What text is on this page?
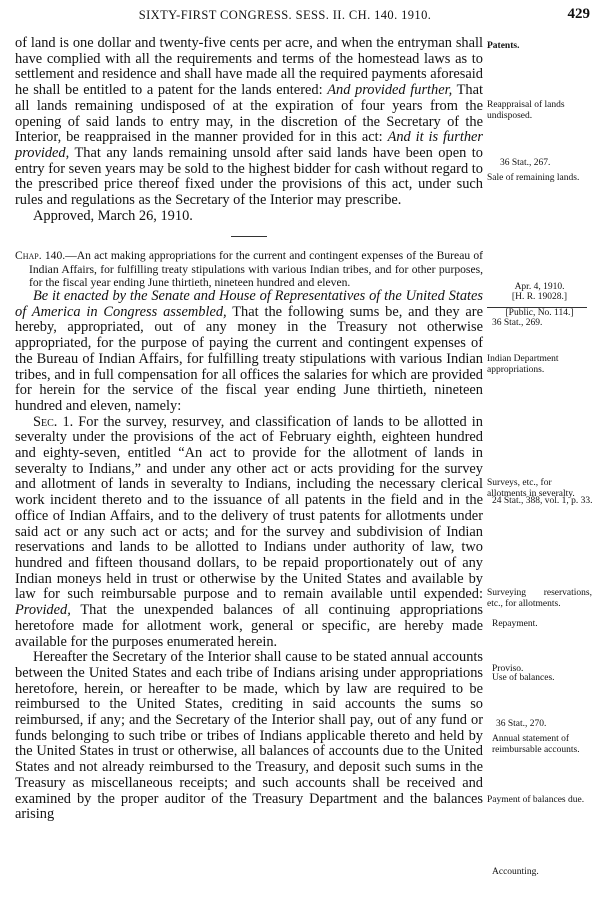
SIXTY-FIRST CONGRESS. SESS. II. CH. 140. 1910.	429

of land is one dollar and twenty-five cents per acre, and when the entryman shall have complied with all the requirements and terms of the homestead laws as to settlement and residence and shall have made all the required payments aforesaid he shall be entitled to a patent for the lands entered: And provided further, That all lands remaining undisposed of at the expiration of four years from the opening of said lands to entry may, in the discretion of the Secretary of the Interior, be reappraised in the manner provided for in this act: And it is further provided, That any lands remaining unsold after said lands have been open to entry for seven years may be sold to the highest bidder for cash without regard to the prescribed price thereof fixed under the provisions of this act, under such rules and regulations as the Secretary of the Interior may prescribe.

Approved, March 26, 1910.

Chap. 140.—An act making appropriations for the current and contingent expenses of the Bureau of Indian Affairs, for fulfilling treaty stipulations with various Indian tribes, and for other purposes, for the fiscal year ending June thirtieth, nineteen hundred and eleven.

Be it enacted by the Senate and House of Representatives of the United States of America in Congress assembled, That the following sums be, and they are hereby, appropriated, out of any money in the Treasury not otherwise appropriated, for the purpose of paying the current and contingent expenses of the Bureau of Indian Affairs, for fulfilling treaty stipulations with various Indian tribes, and in full compensation for all offices the salaries for which are provided for herein for the service of the fiscal year ending June thirtieth, nineteen hundred and eleven, namely:

Sec. 1. For the survey, resurvey, and classification of lands to be allotted in severalty under the provisions of the act of February eighth, eighteen hundred and eighty-seven, entitled “An act to provide for the allotment of lands in severalty to Indians,” and under any other act or acts providing for the survey and allotment of lands in severalty to Indians, including the necessary clerical work incident thereto and to the issuance of all patents in the field and in the office of Indian Affairs, and to the delivery of trust patents for allotments under said act or any such act or acts; and for the survey and subdivision of Indian reservations and lands to be allotted to Indians under authority of law, two hundred and fifteen thousand dollars, to be repaid proportionately out of any Indian moneys held in trust or otherwise by the United States and available by law for such reimbursable purpose and to remain available until expended: Provided, That the unexpended balances of all continuing appropriations heretofore made for allotment work, general or specific, are hereby made available for the purposes enumerated herein.

Hereafter the Secretary of the Interior shall cause to be stated annual accounts between the United States and each tribe of Indians arising under appropriations heretofore, herein, or hereafter to be made, which by law are required to be reimbursed to the United States, crediting in said accounts the sums so reimbursed, if any; and the Secretary of the Interior shall pay, out of any fund or funds belonging to such tribe or tribes of Indians applicable thereto and held by the United States in trust or otherwise, all balances of accounts due to the United States and not already reimbursed to the Treasury, and deposit such sums in the Treasury as miscellaneous receipts; and such accounts shall be received and examined by the proper auditor of the Treasury Department and the balances arising

Patents.
Reappraisal of lands undisposed.
36 Stat., 267.
Sale of remaining lands.
Apr. 4, 1910.
[H. R. 19028.]
[Public, No. 114.]
36 Stat., 269.
Indian Department appropriations.
Surveys, etc., for allotments in severalty.
24 Stat., 388, vol. 1, p. 33.
Surveying reservations, etc., for allotments.
Repayment.
Proviso.
Use of balances.
36 Stat., 270.
Annual statement of reimbursable accounts.
Payment of balances due.
Accounting.
